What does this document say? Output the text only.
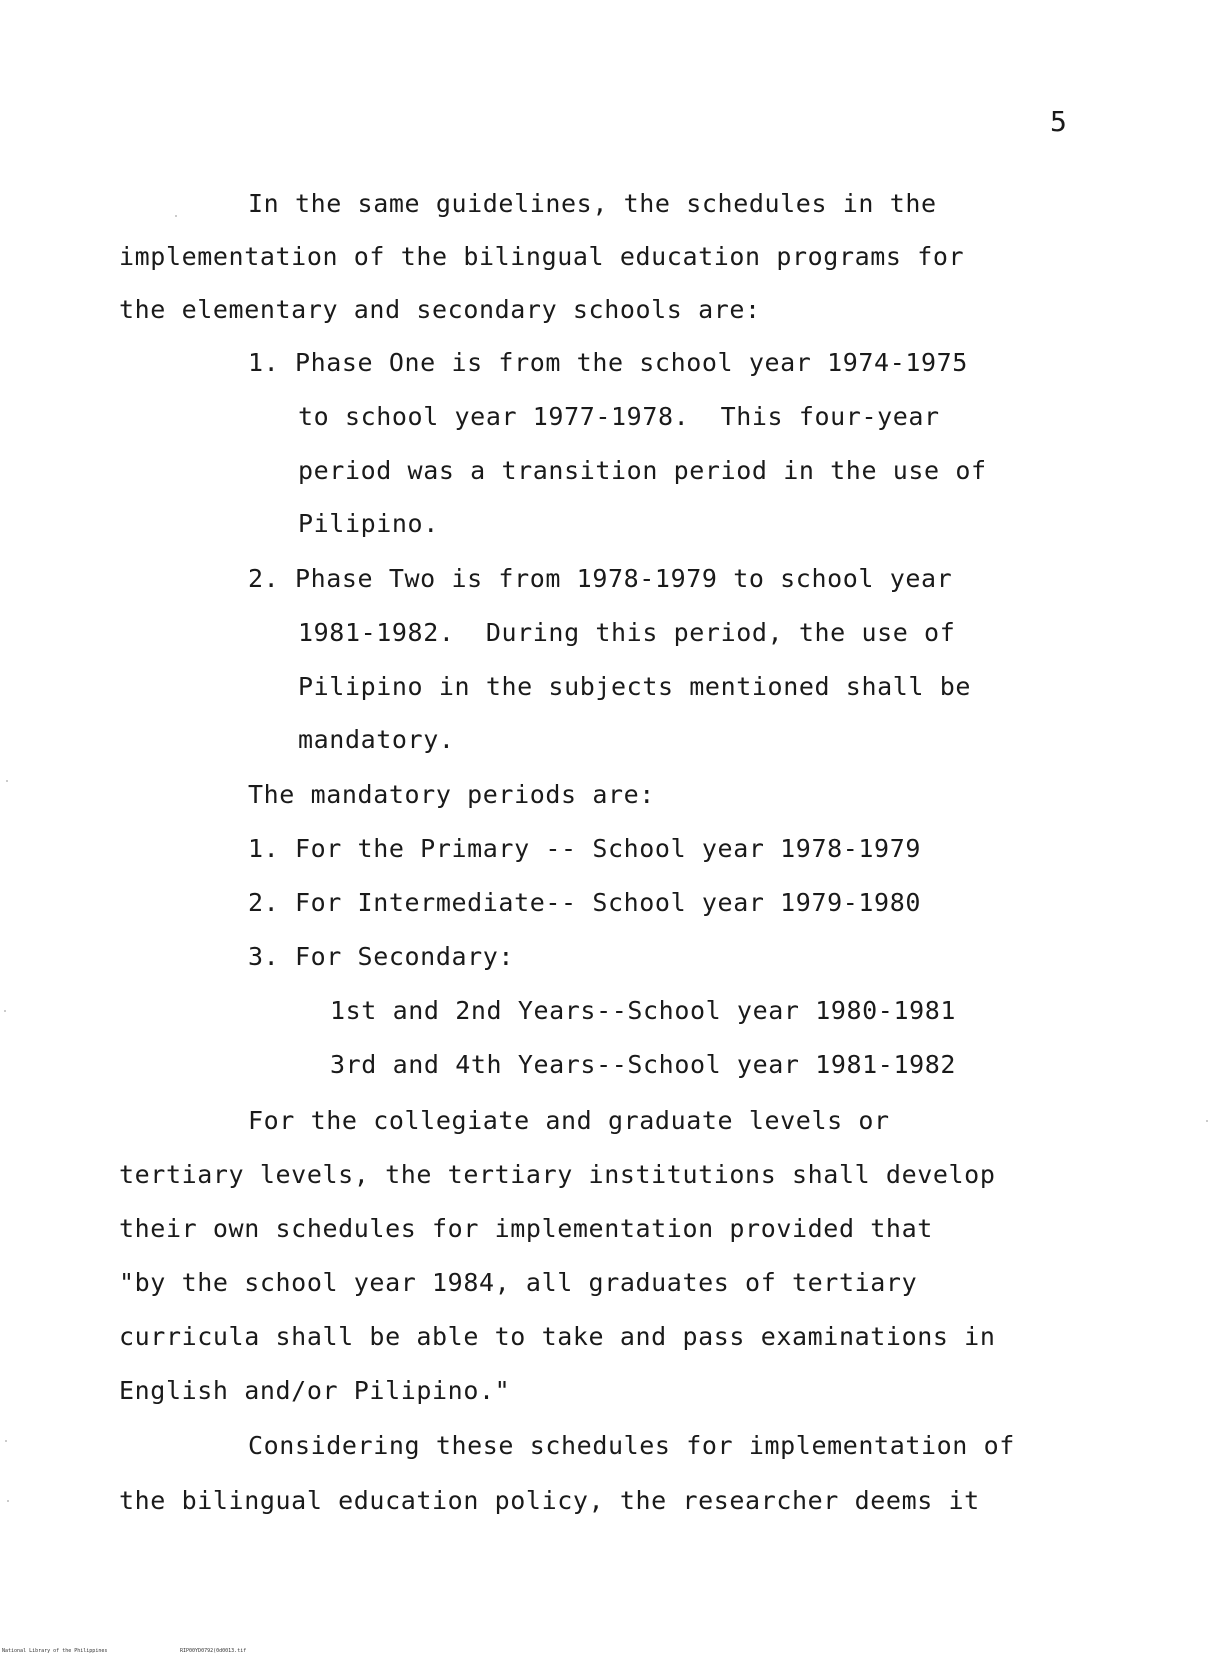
5
In the same guidelines, the schedules in the
implementation of the bilingual education programs for
the elementary and secondary schools are:
1. Phase One is from the school year 1974-1975
to school year 1977-1978.  This four-year
period was a transition period in the use of
Pilipino.
2. Phase Two is from 1978-1979 to school year
1981-1982.  During this period, the use of
Pilipino in the subjects mentioned shall be
mandatory.
The mandatory periods are:
1. For the Primary -- School year 1978-1979
2. For Intermediate-- School year 1979-1980
3. For Secondary:
1st and 2nd Years--School year 1980-1981
3rd and 4th Years--School year 1981-1982
For the collegiate and graduate levels or
tertiary levels, the tertiary institutions shall develop
their own schedules for implementation provided that
"by the school year 1984, all graduates of tertiary
curricula shall be able to take and pass examinations in
English and/or Pilipino."
Considering these schedules for implementation of
the bilingual education policy, the researcher deems it
National Library of the Philippines	RIP00YD0792(0d0013.tif
